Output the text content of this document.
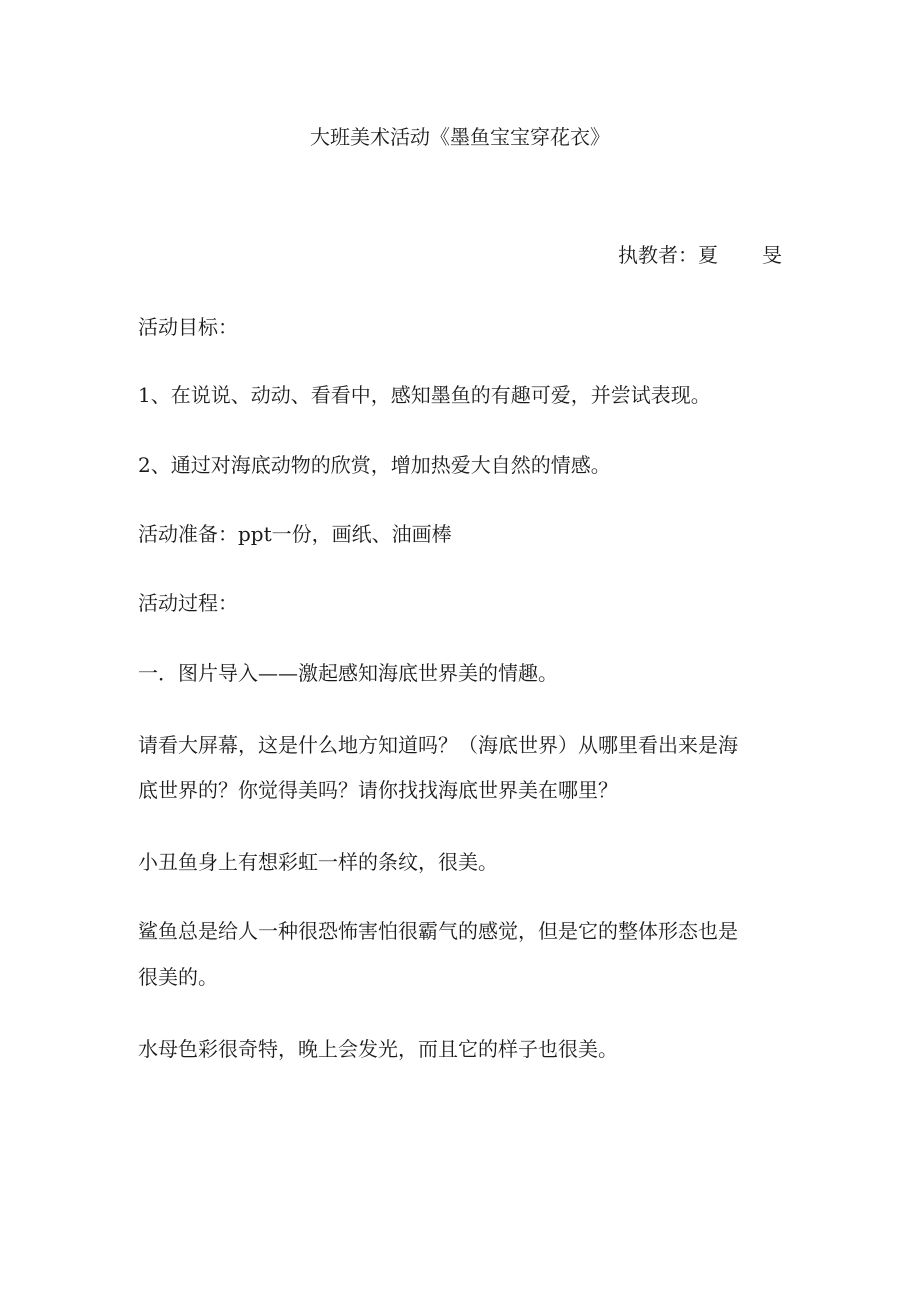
大班美术活动《墨鱼宝宝穿花衣》
执教者：夏 旻
活动目标：
1、在说说、动动、看看中，感知墨鱼的有趣可爱，并尝试表现。
2、通过对海底动物的欣赏，增加热爱大自然的情感。
活动准备：ppt一份，画纸、油画棒
活动过程：
一．图片导入——激起感知海底世界美的情趣。
请看大屏幕，这是什么地方知道吗？（海底世界）从哪里看出来是海
底世界的？你觉得美吗？请你找找海底世界美在哪里？
小丑鱼身上有想彩虹一样的条纹，很美。
鲨鱼总是给人一种很恐怖害怕很霸气的感觉，但是它的整体形态也是
很美的。
水母色彩很奇特，晚上会发光，而且它的样子也很美。
